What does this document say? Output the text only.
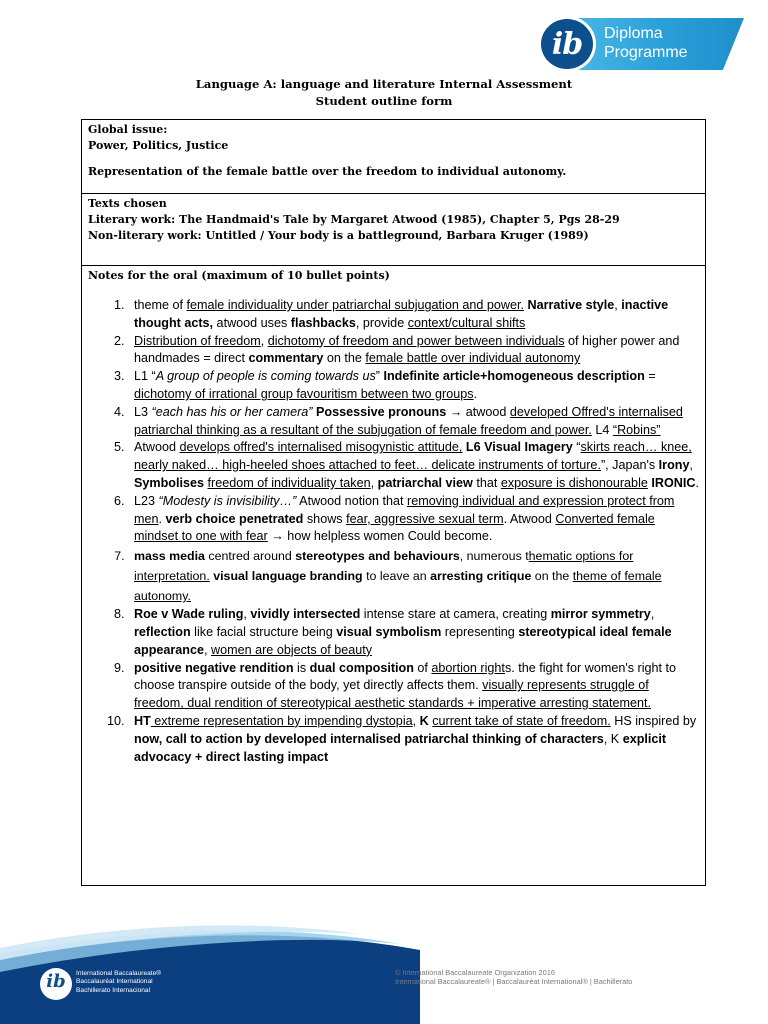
ib	Diploma
Programme
Language A: language and literature Internal Assessment
Student outline form
Global issue:
Power, Politics, Justice
Representation of the female battle over the freedom to individual autonomy.
Texts chosen
Literary work: The Handmaid's Tale by Margaret Atwood (1985), Chapter 5, Pgs 28-29
Non-literary work: Untitled / Your body is a battleground, Barbara Kruger (1989)
Notes for the oral (maximum of 10 bullet points)
1. theme of female individuality under patriarchal subjugation and power. Narrative style, inactive thought acts, atwood uses flashbacks, provide context/cultural shifts
2. Distribution of freedom, dichotomy of freedom and power between individuals of higher power and handmades = direct commentary on the female battle over individual autonomy
3. L1 “A group of people is coming towards us” Indefinite article+homogeneous description = dichotomy of irrational group favouritism between two groups.
4. L3 “each has his or her camera” Possessive pronouns → atwood developed Offred's internalised patriarchal thinking as a resultant of the subjugation of female freedom and power. L4 “Robins”
5. Atwood develops offred's internalised misogynistic attitude, L6 Visual Imagery “skirts reach… knee, nearly naked… high-heeled shoes attached to feet… delicate instruments of torture.”, Japan's Irony, Symbolises freedom of individuality taken, patriarchal view that exposure is dishonourable IRONIC.
6. L23 “Modesty is invisibility…” Atwood notion that removing individual and expression protect from men. verb choice penetrated shows fear, aggressive sexual term. Atwood Converted female mindset to one with fear → how helpless women Could become.
7. mass media centred around stereotypes and behaviours, numerous thematic options for interpretation. visual language branding to leave an arresting critique on the theme of female autonomy.
8. Roe v Wade ruling, vividly intersected intense stare at camera, creating mirror symmetry, reflection like facial structure being visual symbolism representing stereotypical ideal female appearance, women are objects of beauty
9. positive negative rendition is dual composition of abortion rights. the fight for women's right to choose transpire outside of the body, yet directly affects them. visually represents struggle of freedom, dual rendition of stereotypical aesthetic standards + imperative arresting statement.
10. HT extreme representation by impending dystopia, K current take of state of freedom. HS inspired by now, call to action by developed internalised patriarchal thinking of characters, K explicit advocacy + direct lasting impact
ib	International Baccalaureate®
Baccalauréat International
Bachillerato Internacional
© International Baccalaureate Organization 2016
International Baccalaureate® | Baccalauréat International® | Bachillerato
